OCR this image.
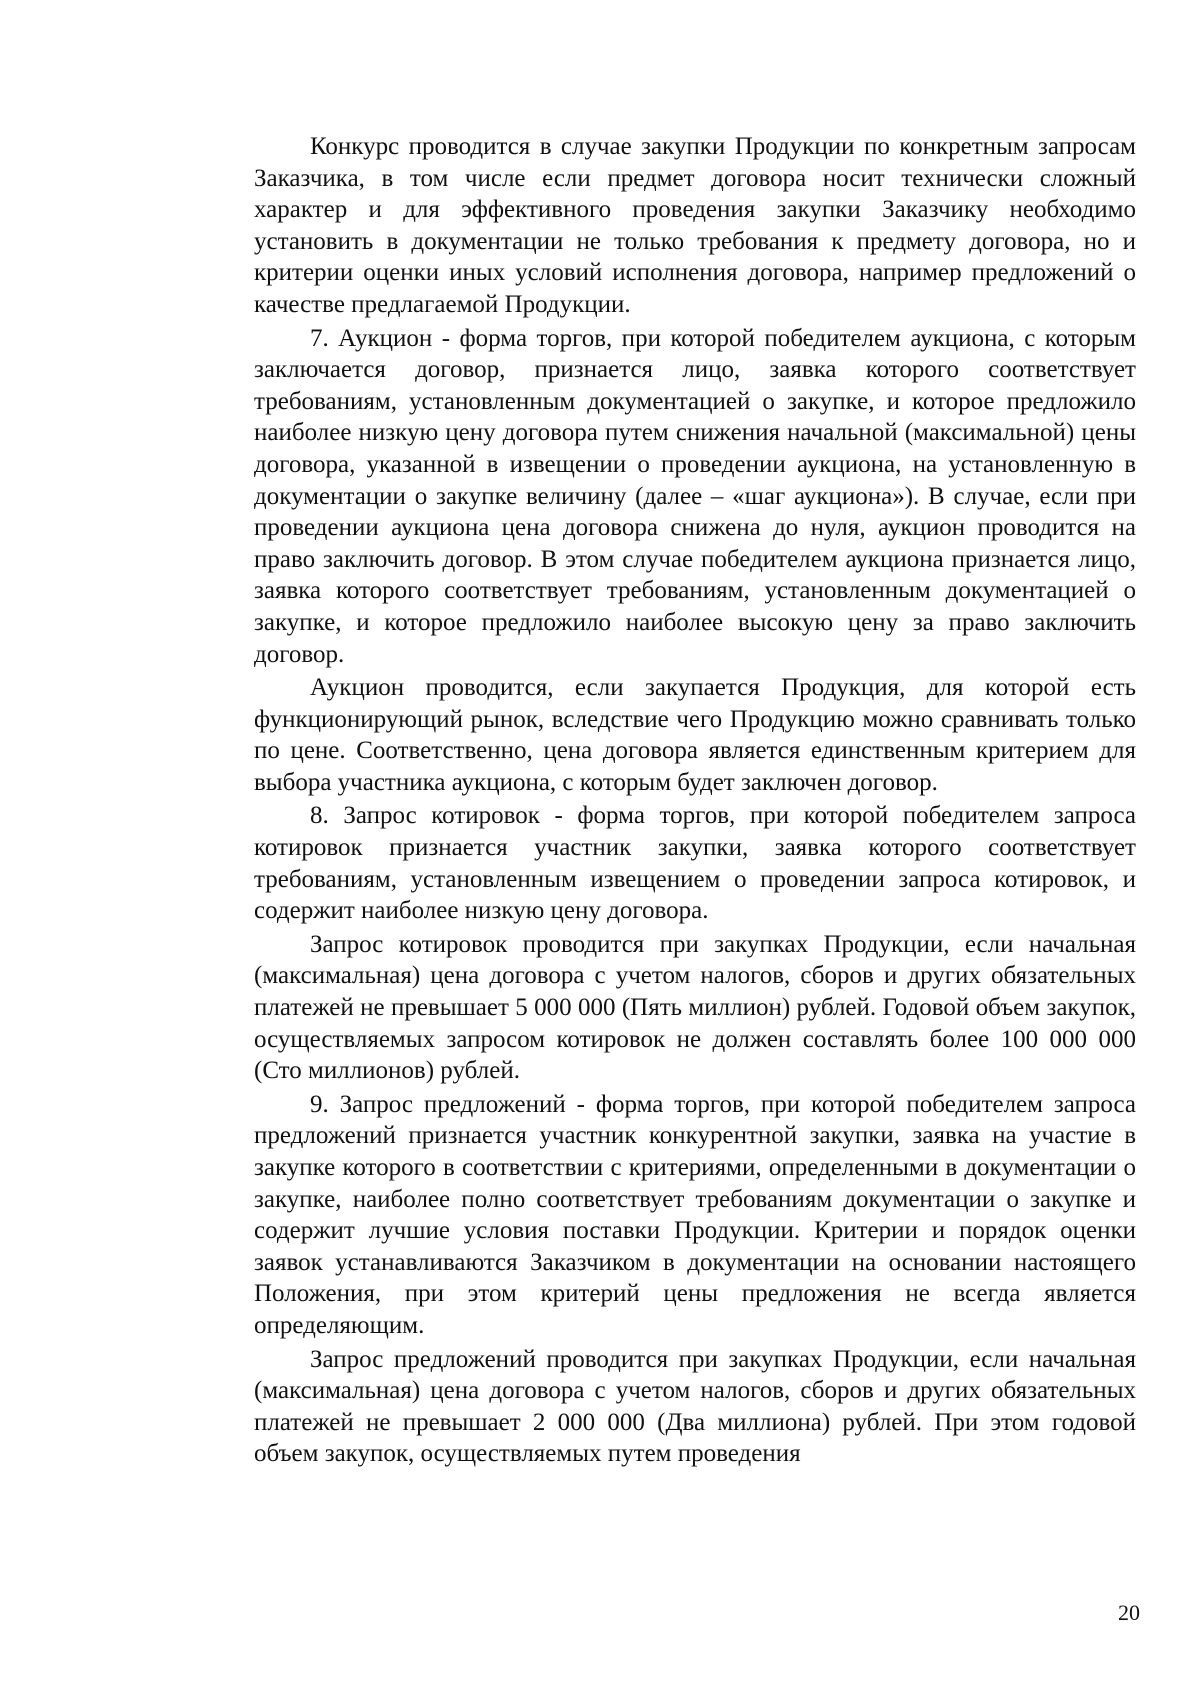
Конкурс проводится в случае закупки Продукции по конкретным запросам Заказчика, в том числе если предмет договора носит технически сложный характер и для эффективного проведения закупки Заказчику необходимо установить в документации не только требования к предмету договора, но и критерии оценки иных условий исполнения договора, например предложений о качестве предлагаемой Продукции.

7. Аукцион - форма торгов, при которой победителем аукциона, с которым заключается договор, признается лицо, заявка которого соответствует требованиям, установленным документацией о закупке, и которое предложило наиболее низкую цену договора путем снижения начальной (максимальной) цены договора, указанной в извещении о проведении аукциона, на установленную в документации о закупке величину (далее – «шаг аукциона»). В случае, если при проведении аукциона цена договора снижена до нуля, аукцион проводится на право заключить договор. В этом случае победителем аукциона признается лицо, заявка которого соответствует требованиям, установленным документацией о закупке, и которое предложило наиболее высокую цену за право заключить договор.

Аукцион проводится, если закупается Продукция, для которой есть функционирующий рынок, вследствие чего Продукцию можно сравнивать только по цене. Соответственно, цена договора является единственным критерием для выбора участника аукциона, с которым будет заключен договор.

8. Запрос котировок - форма торгов, при которой победителем запроса котировок признается участник закупки, заявка которого соответствует требованиям, установленным извещением о проведении запроса котировок, и содержит наиболее низкую цену договора.

Запрос котировок проводится при закупках Продукции, если начальная (максимальная) цена договора с учетом налогов, сборов и других обязательных платежей не превышает 5 000 000 (Пять миллион) рублей. Годовой объем закупок, осуществляемых запросом котировок не должен составлять более 100 000 000 (Сто миллионов) рублей.

9. Запрос предложений - форма торгов, при которой победителем запроса предложений признается участник конкурентной закупки, заявка на участие в закупке которого в соответствии с критериями, определенными в документации о закупке, наиболее полно соответствует требованиям документации о закупке и содержит лучшие условия поставки Продукции. Критерии и порядок оценки заявок устанавливаются Заказчиком в документации на основании настоящего Положения, при этом критерий цены предложения не всегда является определяющим.

Запрос предложений проводится при закупках Продукции, если начальная (максимальная) цена договора с учетом налогов, сборов и других обязательных платежей не превышает 2 000 000 (Два миллиона) рублей. При этом годовой объем закупок, осуществляемых путем проведения

20
